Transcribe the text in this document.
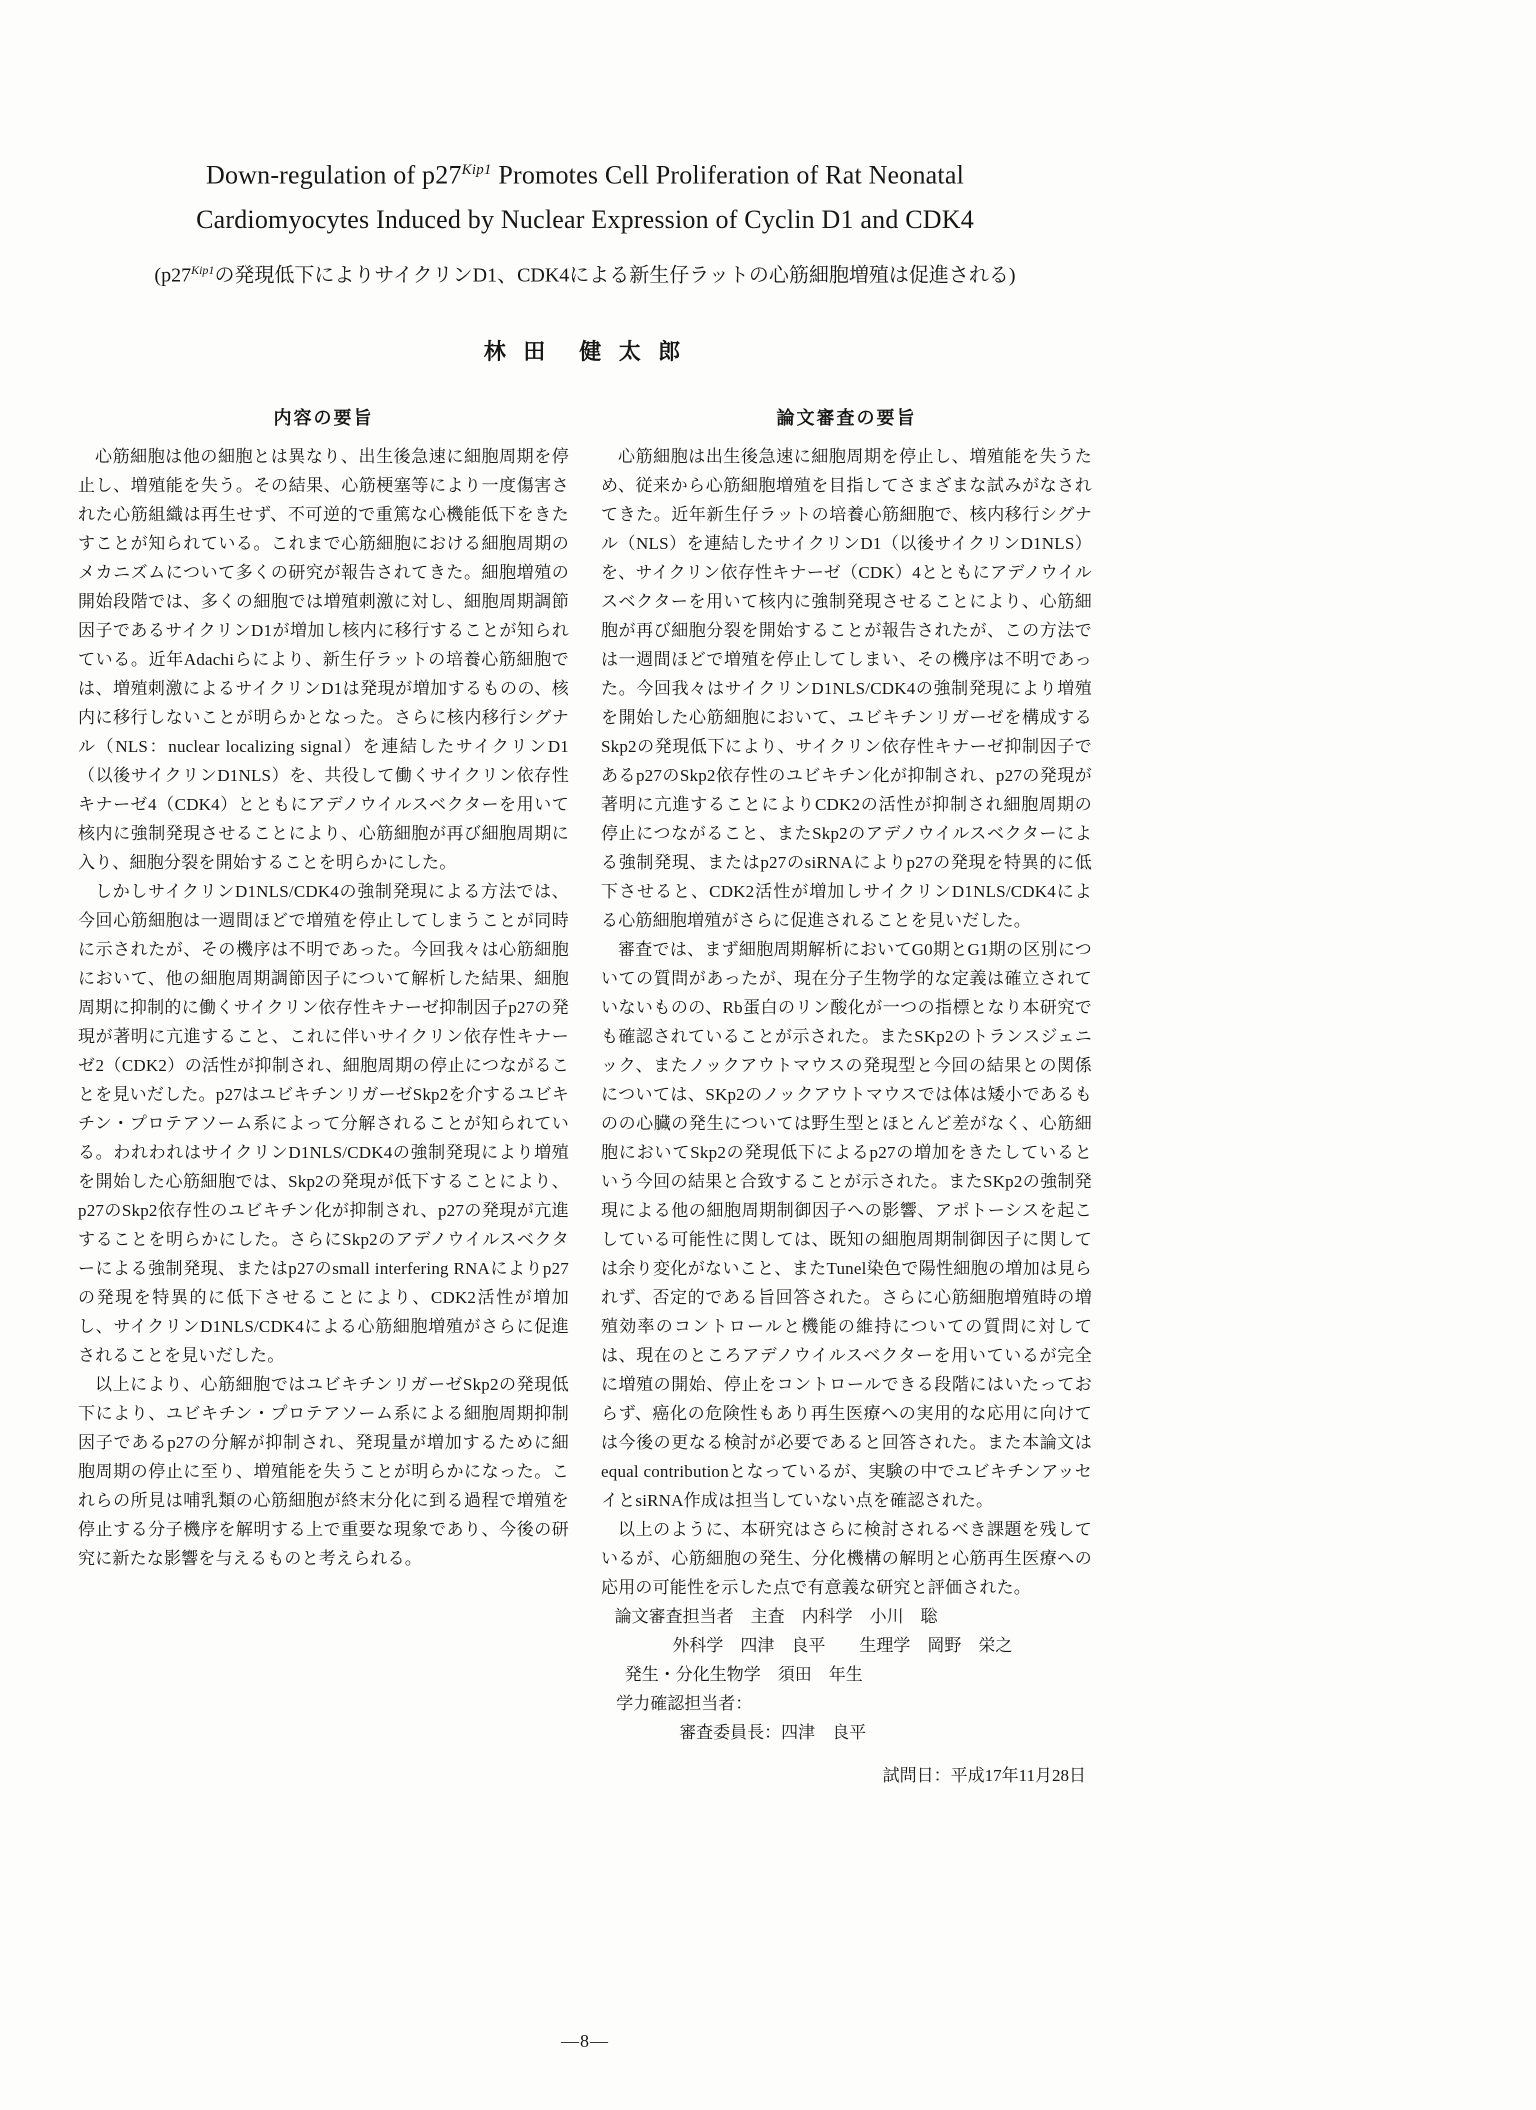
Down-regulation of $p27^{Kip1}$ Promotes Cell Proliferation of Rat Neonatal
Cardiomyocytes Induced by Nuclear Expression of Cyclin D1 and CDK4
($p27^{Kip1}$の発現低下によりサイクリンD1、CDK4による新生仔ラットの心筋細胞増殖は促進される)
林 田　健 太 郎
内容の要旨

心筋細胞は他の細胞とは異なり、出生後急速に細胞周期を停止し、増殖能を失う。その結果、心筋梗塞等により一度傷害された心筋組織は再生せず、不可逆的で重篤な心機能低下をきたすことが知られている。これまで心筋細胞における細胞周期のメカニズムについて多くの研究が報告されてきた。細胞増殖の開始段階では、多くの細胞では増殖刺激に対し、細胞周期調節因子であるサイクリンD1が増加し核内に移行することが知られている。近年Adachiらにより、新生仔ラットの培養心筋細胞では、増殖刺激によるサイクリンD1は発現が増加するものの、核内に移行しないことが明らかとなった。さらに核内移行シグナル（NLS：nuclear localizing signal）を連結したサイクリンD1（以後サイクリンD1NLS）を、共役して働くサイクリン依存性キナーゼ4（CDK4）とともにアデノウイルスベクターを用いて核内に強制発現させることにより、心筋細胞が再び細胞周期に入り、細胞分裂を開始することを明らかにした。

しかしサイクリンD1NLS/CDK4の強制発現による方法では、今回心筋細胞は一週間ほどで増殖を停止してしまうことが同時に示されたが、その機序は不明であった。今回我々は心筋細胞において、他の細胞周期調節因子について解析した結果、細胞周期に抑制的に働くサイクリン依存性キナーゼ抑制因子p27の発現が著明に亢進すること、これに伴いサイクリン依存性キナーゼ2（CDK2）の活性が抑制され、細胞周期の停止につながることを見いだした。p27はユビキチンリガーゼSkp2を介するユビキチン・プロテアソーム系によって分解されることが知られている。われわれはサイクリンD1NLS/CDK4の強制発現により増殖を開始した心筋細胞では、Skp2の発現が低下することにより、p27のSkp2依存性のユビキチン化が抑制され、p27の発現が亢進することを明らかにした。さらにSkp2のアデノウイルスベクターによる強制発現、またはp27のsmall interfering RNAによりp27の発現を特異的に低下させることにより、CDK2活性が増加し、サイクリンD1NLS/CDK4による心筋細胞増殖がさらに促進されることを見いだした。

以上により、心筋細胞ではユビキチンリガーゼSkp2の発現低下により、ユビキチン・プロテアソーム系による細胞周期抑制因子であるp27の分解が抑制され、発現量が増加するために細胞周期の停止に至り、増殖能を失うことが明らかになった。これらの所見は哺乳類の心筋細胞が終末分化に到る過程で増殖を停止する分子機序を解明する上で重要な現象であり、今後の研究に新たな影響を与えるものと考えられる。

論文審査の要旨

心筋細胞は出生後急速に細胞周期を停止し、増殖能を失うため、従来から心筋細胞増殖を目指してさまざまな試みがなされてきた。近年新生仔ラットの培養心筋細胞で、核内移行シグナル（NLS）を連結したサイクリンD1（以後サイクリンD1NLS）を、サイクリン依存性キナーゼ（CDK）4とともにアデノウイルスベクターを用いて核内に強制発現させることにより、心筋細胞が再び細胞分裂を開始することが報告されたが、この方法では一週間ほどで増殖を停止してしまい、その機序は不明であった。今回我々はサイクリンD1NLS/CDK4の強制発現により増殖を開始した心筋細胞において、ユビキチンリガーゼを構成するSkp2の発現低下により、サイクリン依存性キナーゼ抑制因子であるp27のSkp2依存性のユビキチン化が抑制され、p27の発現が著明に亢進することによりCDK2の活性が抑制され細胞周期の停止につながること、またSkp2のアデノウイルスベクターによる強制発現、またはp27のsiRNAによりp27の発現を特異的に低下させると、CDK2活性が増加しサイクリンD1NLS/CDK4による心筋細胞増殖がさらに促進されることを見いだした。

審査では、まず細胞周期解析においてG0期とG1期の区別についての質問があったが、現在分子生物学的な定義は確立されていないものの、Rb蛋白のリン酸化が一つの指標となり本研究でも確認されていることが示された。またSKp2のトランスジェニック、またノックアウトマウスの発現型と今回の結果との関係については、SKp2のノックアウトマウスでは体は矮小であるものの心臓の発生については野生型とほとんど差がなく、心筋細胞においてSkp2の発現低下によるp27の増加をきたしているという今回の結果と合致することが示された。またSKp2の強制発現による他の細胞周期制御因子への影響、アポトーシスを起こしている可能性に関しては、既知の細胞周期制御因子に関しては余り変化がないこと、またTunel染色で陽性細胞の増加は見られず、否定的である旨回答された。さらに心筋細胞増殖時の増殖効率のコントロールと機能の維持についての質問に対しては、現在のところアデノウイルスベクターを用いているが完全に増殖の開始、停止をコントロールできる段階にはいたっておらず、癌化の危険性もあり再生医療への実用的な応用に向けては今後の更なる検討が必要であると回答された。また本論文はequal contributionとなっているが、実験の中でユビキチンアッセイとsiRNA作成は担当していない点を確認された。

以上のように、本研究はさらに検討されるべき課題を残しているが、心筋細胞の発生、分化機構の解明と心筋再生医療への応用の可能性を示した点で有意義な研究と評価された。

論文審査担当者　主査　内科学　小川　聡
外科学　四津　良平　　生理学　岡野　栄之
発生・分化生物学　須田　年生
学力確認担当者：
審査委員長：四津　良平
試問日：平成17年11月28日
—8—
